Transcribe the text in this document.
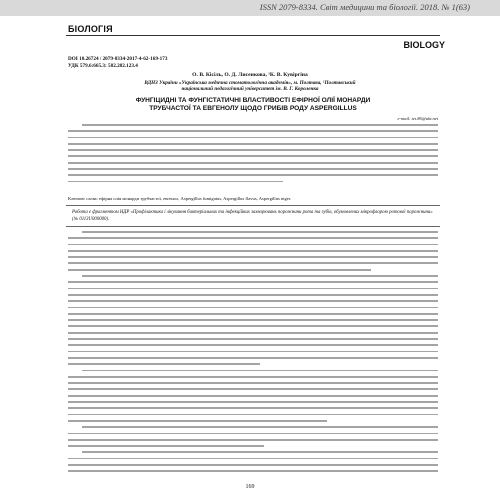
ISSN 2079-8334. Світ медицини та біології. 2018. № 1(63)
БІОЛОГІЯ
BIOLOGY
DOI 10.26724 / 2079-8334-2017-4-62-169-173
УДК 579.6:665.3: 582.282.123.4
О. В. Кісіль, О. Д. Лисенкова, ¹К. В. Кувіргіна
ВДНЗ України «Українська медична стоматологічна академія», м. Полтава, ¹Полтавський
національний педагогічний університет ім. В. Г. Короленка
ФУНГІЦИДНІ ТА ФУНГІСТАТИЧНІ ВЛАСТИВОСТІ ЕФІРНОЇ ОЛІЇ МОНАРДИ
ТРУБЧАСТОЇ ТА ЕВГЕНОЛУ ЩОДО ГРИБІВ РОДУ ASPERGILLUS
e-mail: tet.86@ukr.net
Ключові слова: ефірна олія монарди трубчастої, евгенол, Aspergillus fumigatus, Aspergillus flavus, Aspergillus niger.
Робота є фрагментом НДР «Профілактика і лікування бактеріальних та інфекційних захворювань порожнини рота та зубів, обумовлених мікрофлорою ротової порожнини» (№ 0113U000000).
169
